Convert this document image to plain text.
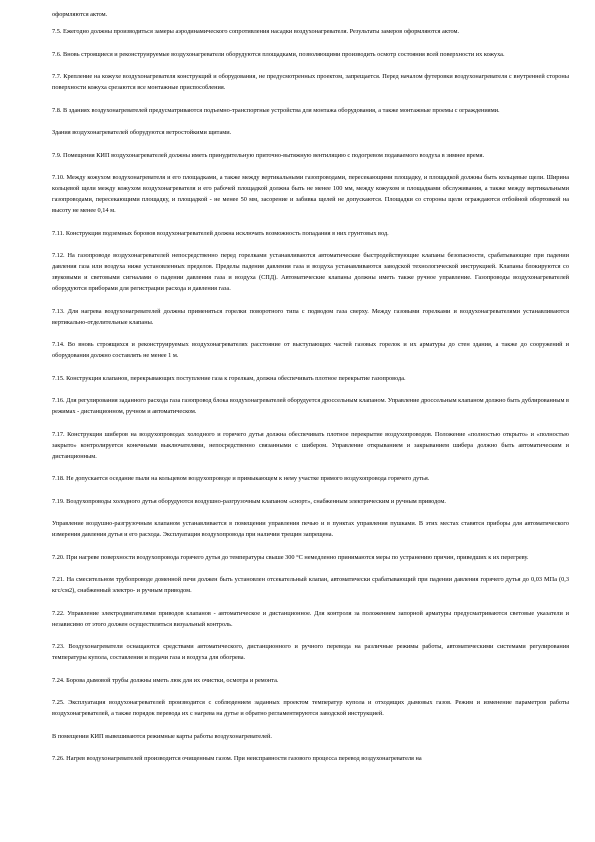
оформляются актом.

7.5. Ежегодно должны производиться замеры аэродинамического сопротивления насадки воздухонагревателя. Результаты замеров оформляются актом.

7.6. Вновь строящиеся и реконструируемые воздухонагреватели оборудуются площадками, позволяющими производить осмотр состояния всей поверхности их кожуха.

7.7. Крепление на кожухе воздухонагревателя конструкций и оборудования, не предусмотренных проектом, запрещается. Перед началом футеровки воздухонагревателя с внутренней стороны поверхности кожуха срезаются все монтажные приспособления.

7.8. В зданиях воздухонагревателей предусматриваются подъемно-транспортные устройства для монтажа оборудования, а также монтажные проемы с ограждениями.

Здания воздухонагревателей оборудуются ветростойкими щитами.

7.9. Помещения КИП воздухонагревателей должны иметь принудительную приточно-вытяжную вентиляцию с подогревом подаваемого воздуха в зимнее время.

7.10. Между кожухом воздухонагревателя и его площадками, а также между вертикальными газопроводами, пересекающими площадку, и площадкой должны быть кольцевые щели. Ширина кольцевой щели между кожухом воздухонагревателя и его рабочей площадкой должна быть не менее 100 мм, между кожухом и площадками обслуживания, а также между вертикальными газопроводами, пересекающими площадку, и площадкой - не менее 50 мм, засорение и забивка щелей не допускаются. Площадки со стороны щели ограждаются отбойной обортовкой на высоту не менее 0,14 м.

7.11. Конструкция подземных боровов воздухонагревателей должна исключать возможность попадания в них грунтовых вод.

7.12. На газопроводе воздухонагревателей непосредственно перед горелками устанавливаются автоматические быстродействующие клапаны безопасности, срабатывающие при падении давления газа или воздуха ниже установленных пределов. Пределы падения давления газа и воздуха устанавливаются заводской технологической инструкцией. Клапаны блокируются со звуковыми и световыми сигналами о падении давления газа и воздуха (СПД). Автоматические клапаны должны иметь также ручное управление. Газопроводы воздухонагревателей оборудуются приборами для регистрации расхода и давления газа.

7.13. Для нагрева воздухонагревателей должны применяться горелки поворотного типа с подводом газа сверху. Между газовыми горелками и воздухонагревателями устанавливаются вертикально-отделительные клапаны.

7.14. Во вновь строящихся и реконструируемых воздухонагревателях расстояние от выступающих частей газовых горелок и их арматуры до стен здания, а также до сооружений и оборудования должно составлять не менее 1 м.

7.15. Конструкция клапанов, перекрывающих поступление газа к горелкам, должна обеспечивать плотное перекрытие газопровода.

7.16. Для регулирования заданного расхода газа газопровод блока воздухонагревателей оборудуется дроссельным клапаном. Управление дроссельным клапаном должно быть дублированным в режимах - дистанционном, ручном и автоматическом.

7.17. Конструкция шиберов на воздухопроводах холодного и горячего дутья должна обеспечивать плотное перекрытие воздухопроводов. Положение «полностью открыто» и «полностью закрыто» контролируется конечными выключателями, непосредственно связанными с шибером. Управление открыванием и закрыванием шибера должно быть автоматическим и дистанционным.

7.18. Не допускается оседание пыли на кольцевом воздухопроводе и примыкающем к нему участке прямого воздухопровода горячего дутья.

7.19. Воздухопроводы холодного дутья оборудуются воздушно-разгрузочным клапаном «снорт», снабженным электрическим и ручным приводом.

Управление воздушно-разгрузочным клапаном устанавливается в помещении управления печью и в пунктах управления пушками. В этих местах ставятся приборы для автоматического измерения давления дутья и его расхода. Эксплуатация воздухопровода при наличии трещин запрещена.

7.20. При нагреве поверхности воздухопровода горячего дутья до температуры свыше 300 °С немедленно принимаются меры по устранению причин, приведших к их перегреву.

7.21. На смесительном трубопроводе доменной печи должен быть установлен отсекательный клапан, автоматически срабатывающий при падении давления горячего дутья до 0,03 МПа (0,3 кгс/см2), снабженный электро- и ручным приводом.

7.22. Управление электродвигателями приводов клапанов - автоматическое и дистанционное. Для контроля за положением запорной арматуры предусматриваются световые указатели и независимо от этого должен осуществляться визуальный контроль.

7.23. Воздухонагреватели оснащаются средствами автоматического, дистанционного и ручного перевода на различные режимы работы, автоматическими системами регулирования температуры купола, составления и подачи газа и воздуха для обогрева.

7.24. Борова дымовой трубы должны иметь люк для их очистки, осмотра и ремонта.

7.25. Эксплуатация воздухонагревателей производится с соблюдением заданных проектом температур купола и отходящих дымовых газов. Режим и изменение параметров работы воздухонагревателей, а также порядок перевода их с нагрева на дутье и обратно регламентируются заводской инструкцией.

В помещении КИП вывешиваются режимные карты работы воздухонагревателей.

7.26. Нагрев воздухонагревателей производится очищенным газом. При неисправности газового процесса перевод воздухонагревателя на
